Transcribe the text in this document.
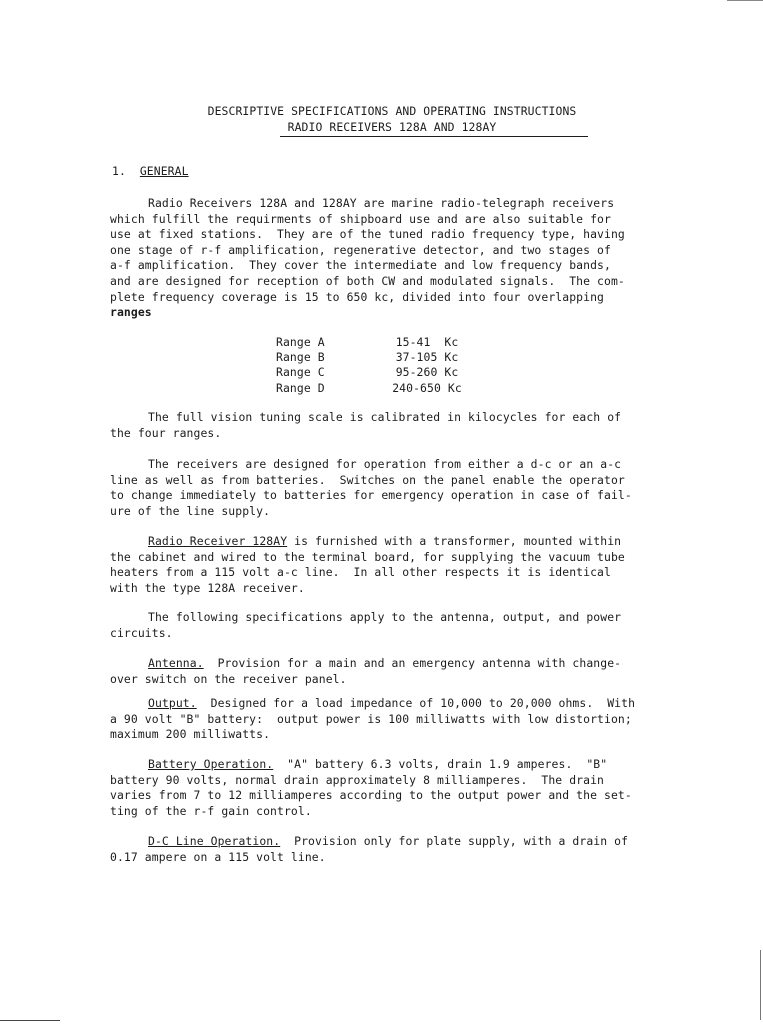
DESCRIPTIVE SPECIFICATIONS AND OPERATING INSTRUCTIONS
RADIO RECEIVERS 128A AND 128AY
1. GENERAL
Radio Receivers 128A and 128AY are marine radio-telegraph receivers
which fulfill the requirments of shipboard use and are also suitable for
use at fixed stations.  They are of the tuned radio frequency type, having
one stage of r-f amplification, regenerative detector, and two stages of
a-f amplification.  They cover the intermediate and low frequency bands,
and are designed for reception of both CW and modulated signals.  The com-
plete frequency coverage is 15 to 650 kc, divided into four overlapping
ranges
Range A	15-41  Kc
Range B	37-105 Kc
Range C	95-260 Kc
Range D	240-650 Kc
The full vision tuning scale is calibrated in kilocycles for each of
the four ranges.
The receivers are designed for operation from either a d-c or an a-c
line as well as from batteries.  Switches on the panel enable the operator
to change immediately to batteries for emergency operation in case of fail-
ure of the line supply.
Radio Receiver 128AY is furnished with a transformer, mounted within
the cabinet and wired to the terminal board, for supplying the vacuum tube
heaters from a 115 volt a-c line.  In all other respects it is identical
with the type 128A receiver.
The following specifications apply to the antenna, output, and power
circuits.
Antenna.  Provision for a main and an emergency antenna with change-
over switch on the receiver panel.
Output.  Designed for a load impedance of 10,000 to 20,000 ohms.  With
a 90 volt "B" battery:  output power is 100 milliwatts with low distortion;
maximum 200 milliwatts.
Battery Operation.  "A" battery 6.3 volts, drain 1.9 amperes.  "B"
battery 90 volts, normal drain approximately 8 milliamperes.  The drain
varies from 7 to 12 milliamperes according to the output power and the set-
ting of the r-f gain control.
D-C Line Operation.  Provision only for plate supply, with a drain of
0.17 ampere on a 115 volt line.
